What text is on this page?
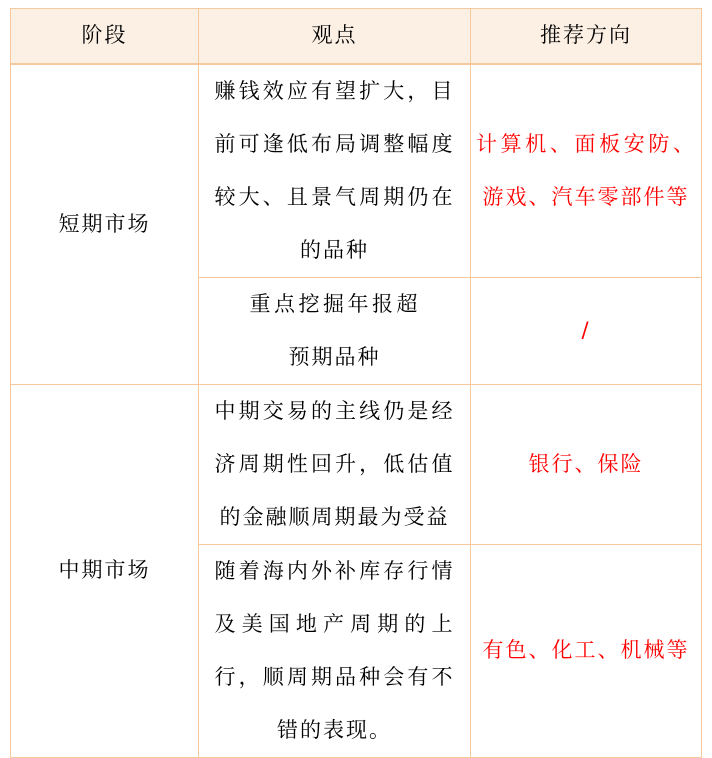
阶段	观点	推荐方向
短期市场	赚钱效应有望扩大，目前可逢低布局调整幅度较大、且景气周期仍在的品种	计算机、面板安防、游戏、汽车零部件等
	重点挖掘年报超预期品种	/
中期市场	中期交易的主线仍是经济周期性回升，低估值的金融顺周期最为受益	银行、保险
	随着海内外补库存行情及美国地产周期的上行，顺周期品种会有不错的表现。	有色、化工、机械等
